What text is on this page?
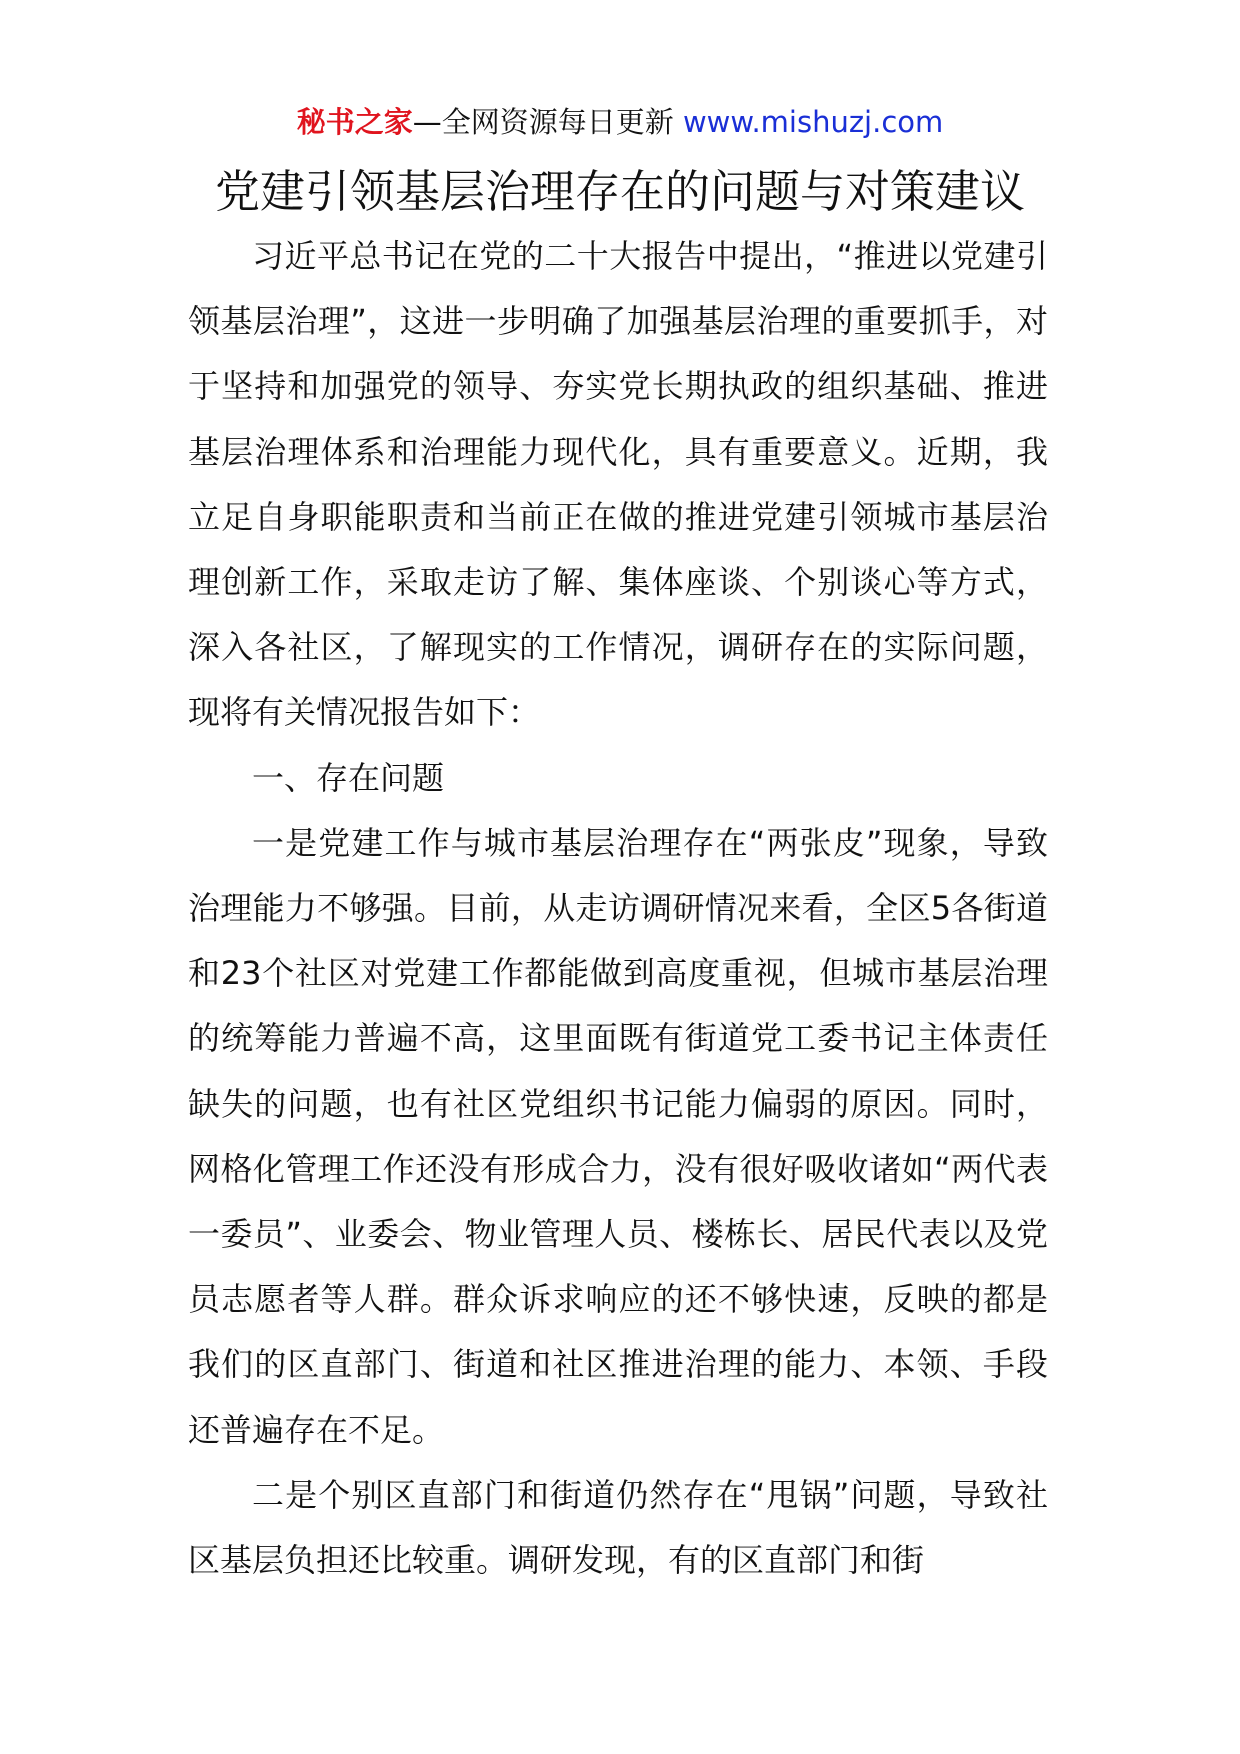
秘书之家—全网资源每日更新 www.mishuzj.com
党建引领基层治理存在的问题与对策建议

习近平总书记在党的二十大报告中提出，“推进以党建引领基层治理”，这进一步明确了加强基层治理的重要抓手，对于坚持和加强党的领导、夯实党长期执政的组织基础、推进基层治理体系和治理能力现代化，具有重要意义。近期，我立足自身职能职责和当前正在做的推进党建引领城市基层治理创新工作，采取走访了解、集体座谈、个别谈心等方式，深入各社区，了解现实的工作情况，调研存在的实际问题，现将有关情况报告如下：

一、存在问题

一是党建工作与城市基层治理存在“两张皮”现象，导致治理能力不够强。目前，从走访调研情况来看，全区5各街道和23个社区对党建工作都能做到高度重视，但城市基层治理的统筹能力普遍不高，这里面既有街道党工委书记主体责任缺失的问题，也有社区党组织书记能力偏弱的原因。同时，网格化管理工作还没有形成合力，没有很好吸收诸如“两代表一委员”、业委会、物业管理人员、楼栋长、居民代表以及党员志愿者等人群。群众诉求响应的还不够快速，反映的都是我们的区直部门、街道和社区推进治理的能力、本领、手段还普遍存在不足。

二是个别区直部门和街道仍然存在“甩锅”问题，导致社区基层负担还比较重。调研发现，有的区直部门和街
